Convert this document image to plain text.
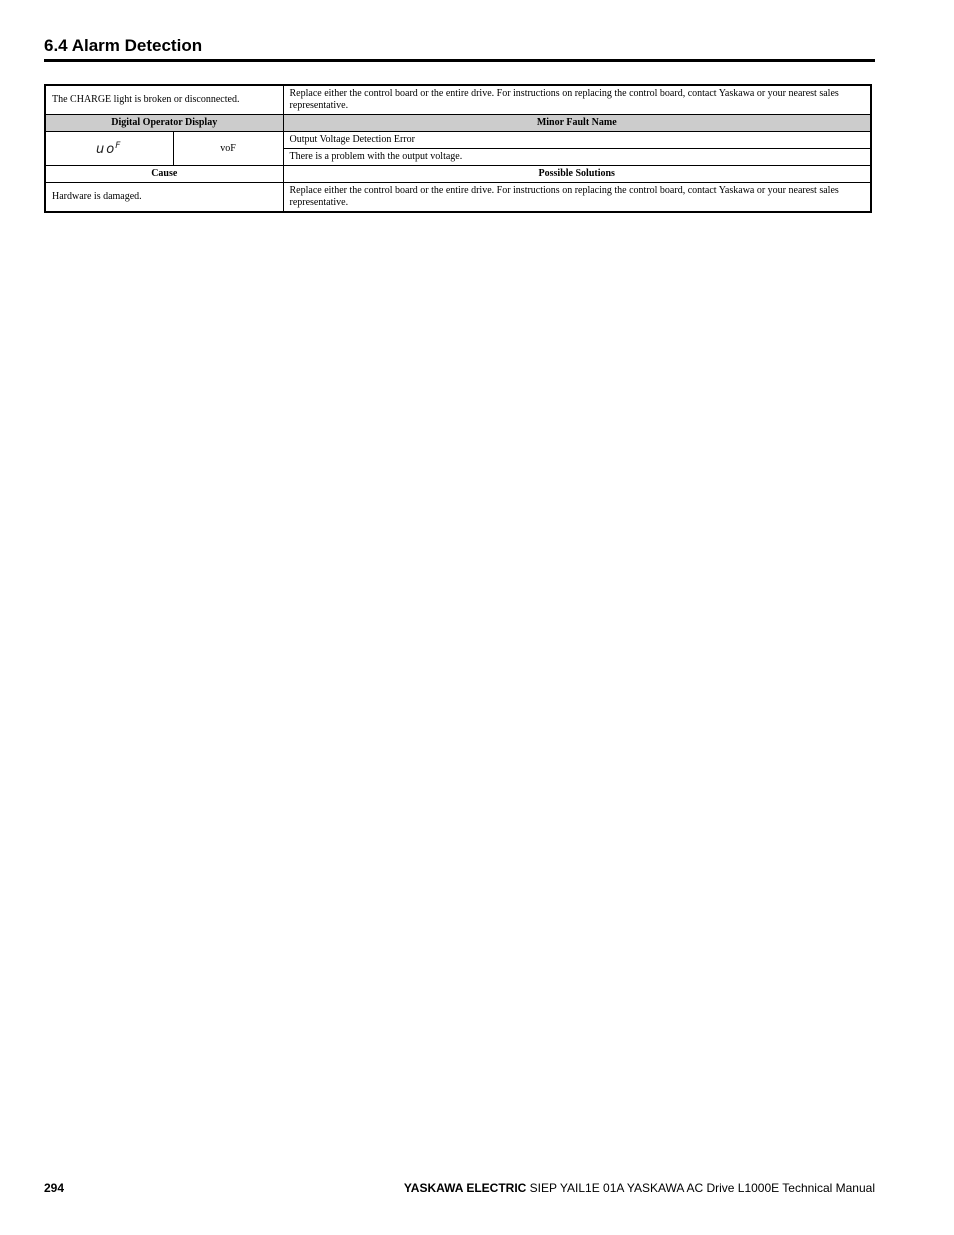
6.4 Alarm Detection
The CHARGE light is broken or disconnected.		Replace either the control board or the entire drive. For instructions on replacing the control board, contact Yaskawa or your nearest sales representative.
Digital Operator Display		Minor Fault Name
$uo^F$	voF	Output Voltage Detection Error
		There is a problem with the output voltage.
Cause		Possible Solutions
Hardware is damaged.		Replace either the control board or the entire drive. For instructions on replacing the control board, contact Yaskawa or your nearest sales representative.
294	YASKAWA ELECTRIC SIEP YAIL1E 01A YASKAWA AC Drive L1000E Technical Manual
